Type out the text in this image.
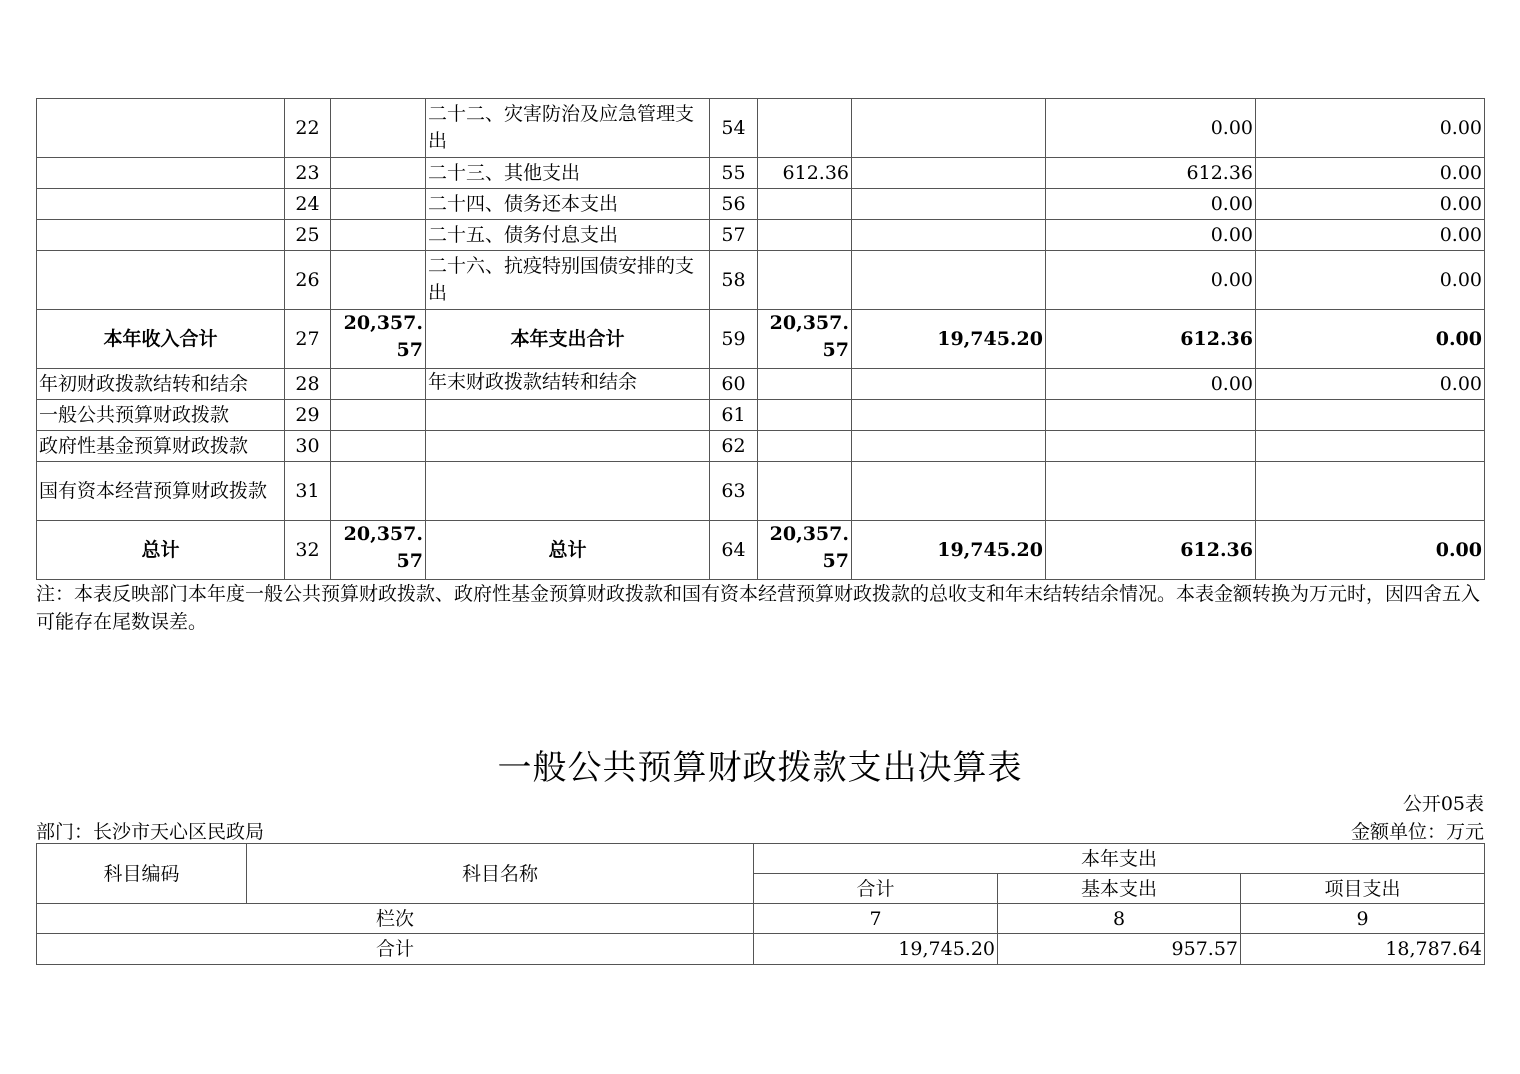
	22		二十二、灾害防治及应急管理支出	54			0.00	0.00
	23		二十三、其他支出	55	612.36		612.36	0.00
	24		二十四、债务还本支出	56			0.00	0.00
	25		二十五、债务付息支出	57			0.00	0.00
	26		二十六、抗疫特别国债安排的支出	58			0.00	0.00
本年收入合计	27	20,357.57	本年支出合计	59	20,357.57	19,745.20	612.36	0.00
年初财政拨款结转和结余	28		年末财政拨款结转和结余	60			0.00	0.00
一般公共预算财政拨款	29			61				
政府性基金预算财政拨款	30			62				
国有资本经营预算财政拨款	31			63				
总计	32	20,357.57	总计	64	20,357.57	19,745.20	612.36	0.00
注：本表反映部门本年度一般公共预算财政拨款、政府性基金预算财政拨款和国有资本经营预算财政拨款的总收支和年末结转结余情况。本表金额转换为万元时，因四舍五入可能存在尾数误差。
一般公共预算财政拨款支出决算表
公开05表
部门：长沙市天心区民政局	金额单位：万元
科目编码	科目名称	本年支出		
		合计	基本支出	项目支出
栏次		7	8	9
合计		19,745.20	957.57	18,787.64
